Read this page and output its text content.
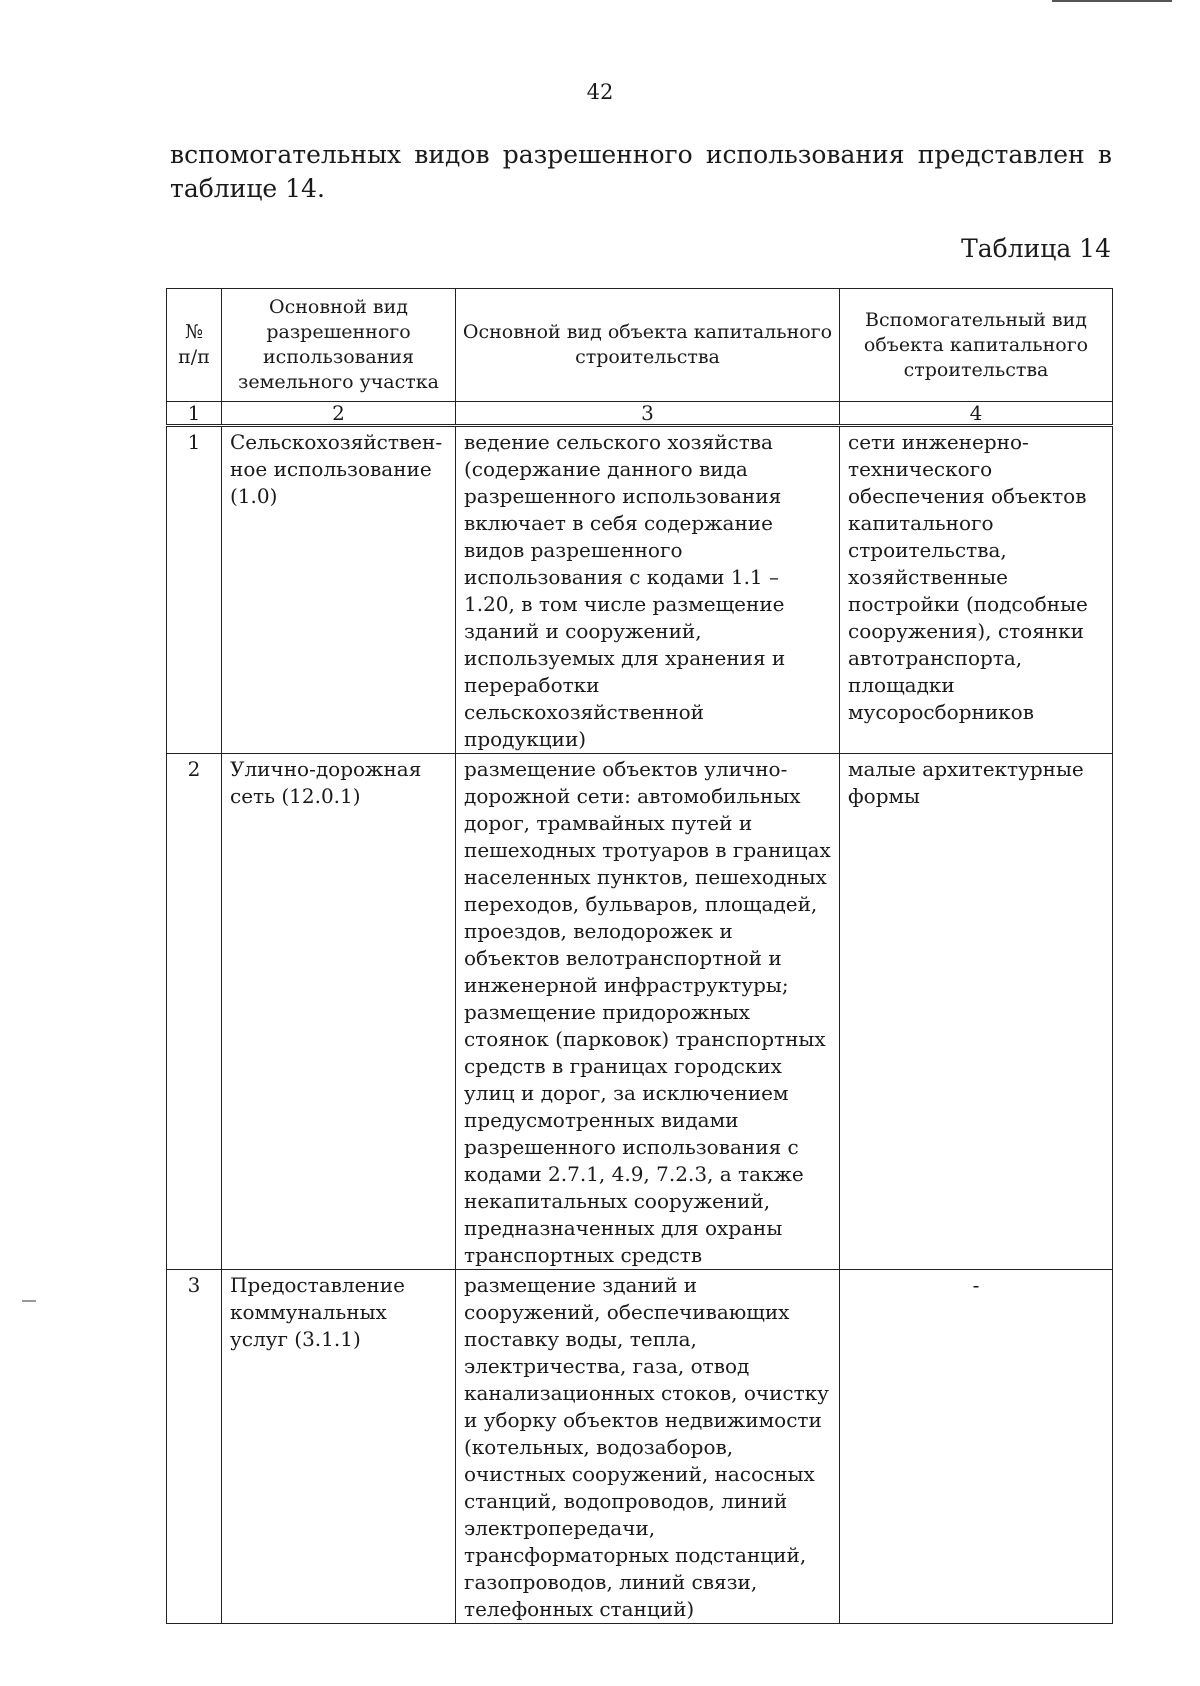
42
вспомогательных видов разрешенного использования представлен в
таблице 14.
Таблица 14
№ п/п	Основной вид разрешенного использования земельного участка	Основной вид объекта капитального строительства	Вспомогательный вид объекта капитального строительства
1	2	3	4
1	Сельскохозяйствен-ное использование (1.0)	ведение сельского хозяйства (содержание данного вида разрешенного использования включает в себя содержание видов разрешенного использования с кодами 1.1 – 1.20, в том числе размещение зданий и сооружений, используемых для хранения и переработки сельскохозяйственной продукции)	сети инженерно-технического обеспечения объектов капитального строительства, хозяйственные постройки (подсобные сооружения), стоянки автотранспорта, площадки мусоросборников
2	Улично-дорожная сеть (12.0.1)	размещение объектов улично-дорожной сети: автомобильных дорог, трамвайных путей и пешеходных тротуаров в границах населенных пунктов, пешеходных переходов, бульваров, площадей, проездов, велодорожек и объектов велотранспортной и инженерной инфраструктуры; размещение придорожных стоянок (парковок) транспортных средств в границах городских улиц и дорог, за исключением предусмотренных видами разрешенного использования с кодами 2.7.1, 4.9, 7.2.3, а также некапитальных сооружений, предназначенных для охраны транспортных средств	малые архитектурные формы
3	Предоставление коммунальных услуг (3.1.1)	размещение зданий и сооружений, обеспечивающих поставку воды, тепла, электричества, газа, отвод канализационных стоков, очистку и уборку объектов недвижимости (котельных, водозаборов, очистных сооружений, насосных станций, водопроводов, линий электропередачи, трансформаторных подстанций, газопроводов, линий связи, телефонных станций)	-
